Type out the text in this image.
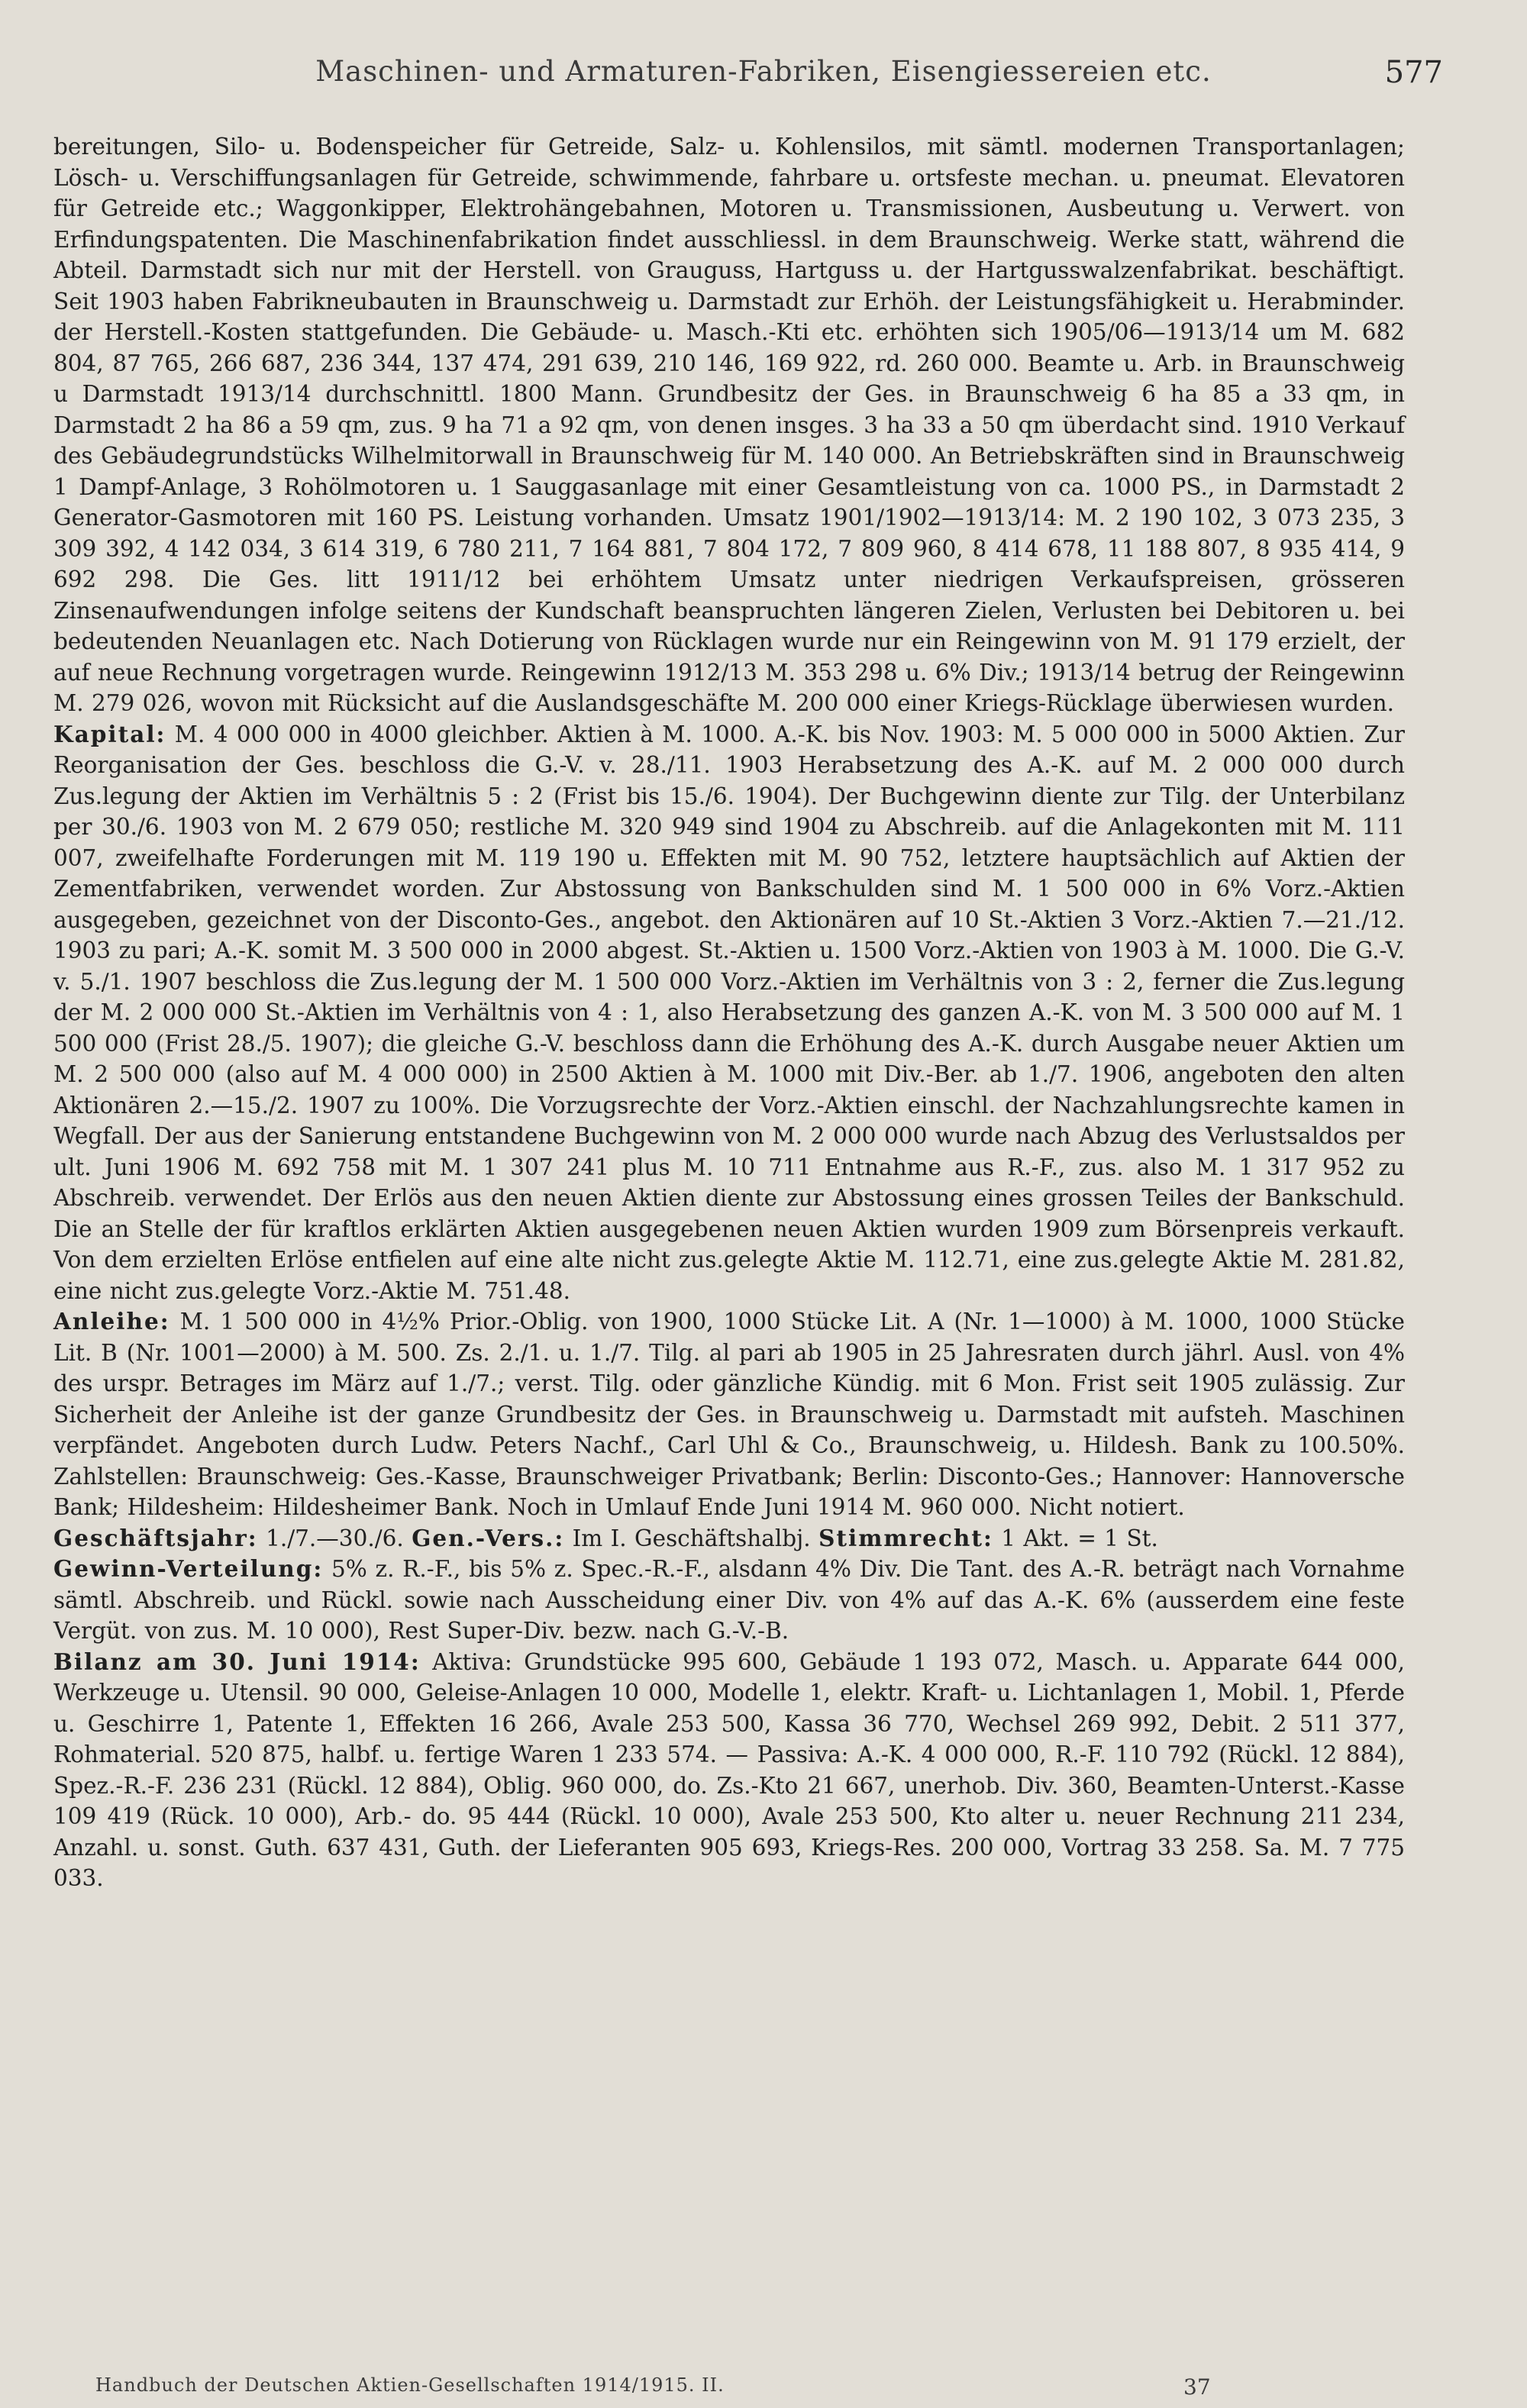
Maschinen- und Armaturen-Fabriken, Eisengiessereien etc.	577

bereitungen, Silo- u. Bodenspeicher für Getreide, Salz- u. Kohlensilos, mit sämtl. modernen Transportanlagen; Lösch- u. Verschiffungsanlagen für Getreide, schwimmende, fahrbare u. ortsfeste mechan. u. pneumat. Elevatoren für Getreide etc.; Waggonkipper, Elektrohängebahnen, Motoren u. Transmissionen, Ausbeutung u. Verwert. von Erfindungspatenten. Die Maschinenfabrikation findet ausschliessl. in dem Braunschweig. Werke statt, während die Abteil. Darmstadt sich nur mit der Herstell. von Grauguss, Hartguss u. der Hartgusswalzenfabrikat. beschäftigt. Seit 1903 haben Fabrikneubauten in Braunschweig u. Darmstadt zur Erhöh. der Leistungsfähigkeit u. Herabminder. der Herstell.-Kosten stattgefunden. Die Gebäude- u. Masch.-Kti etc. erhöhten sich 1905/06—1913/14 um M. 682 804, 87 765, 266 687, 236 344, 137 474, 291 639, 210 146, 169 922, rd. 260 000. Beamte u. Arb. in Braunschweig u Darmstadt 1913/14 durchschnittl. 1800 Mann. Grundbesitz der Ges. in Braunschweig 6 ha 85 a 33 qm, in Darmstadt 2 ha 86 a 59 qm, zus. 9 ha 71 a 92 qm, von denen insges. 3 ha 33 a 50 qm überdacht sind. 1910 Verkauf des Gebäudegrundstücks Wilhelmitorwall in Braunschweig für M. 140 000. An Betriebskräften sind in Braunschweig 1 Dampf-Anlage, 3 Rohölmotoren u. 1 Sauggasanlage mit einer Gesamtleistung von ca. 1000 PS., in Darmstadt 2 Generator-Gasmotoren mit 160 PS. Leistung vorhanden. Umsatz 1901/1902—1913/14: M. 2 190 102, 3 073 235, 3 309 392, 4 142 034, 3 614 319, 6 780 211, 7 164 881, 7 804 172, 7 809 960, 8 414 678, 11 188 807, 8 935 414, 9 692 298. Die Ges. litt 1911/12 bei erhöhtem Umsatz unter niedrigen Verkaufspreisen, grösseren Zinsenaufwendungen infolge seitens der Kundschaft beanspruchten längeren Zielen, Verlusten bei Debitoren u. bei bedeutenden Neuanlagen etc. Nach Dotierung von Rücklagen wurde nur ein Reingewinn von M. 91 179 erzielt, der auf neue Rechnung vorgetragen wurde. Reingewinn 1912/13 M. 353 298 u. 6% Div.; 1913/14 betrug der Reingewinn M. 279 026, wovon mit Rücksicht auf die Auslandsgeschäfte M. 200 000 einer Kriegs-Rücklage überwiesen wurden.

Kapital: M. 4 000 000 in 4000 gleichber. Aktien à M. 1000. A.-K. bis Nov. 1903: M. 5 000 000 in 5000 Aktien. Zur Reorganisation der Ges. beschloss die G.-V. v. 28./11. 1903 Herabsetzung des A.-K. auf M. 2 000 000 durch Zus.legung der Aktien im Verhältnis 5 : 2 (Frist bis 15./6. 1904). Der Buchgewinn diente zur Tilg. der Unterbilanz per 30./6. 1903 von M. 2 679 050; restliche M. 320 949 sind 1904 zu Abschreib. auf die Anlagekonten mit M. 111 007, zweifelhafte Forderungen mit M. 119 190 u. Effekten mit M. 90 752, letztere hauptsächlich auf Aktien der Zementfabriken, verwendet worden. Zur Abstossung von Bankschulden sind M. 1 500 000 in 6% Vorz.-Aktien ausgegeben, gezeichnet von der Disconto-Ges., angebot. den Aktionären auf 10 St.-Aktien 3 Vorz.-Aktien 7.—21./12. 1903 zu pari; A.-K. somit M. 3 500 000 in 2000 abgest. St.-Aktien u. 1500 Vorz.-Aktien von 1903 à M. 1000. Die G.-V. v. 5./1. 1907 beschloss die Zus.legung der M. 1 500 000 Vorz.-Aktien im Verhältnis von 3 : 2, ferner die Zus.legung der M. 2 000 000 St.-Aktien im Verhältnis von 4 : 1, also Herabsetzung des ganzen A.-K. von M. 3 500 000 auf M. 1 500 000 (Frist 28./5. 1907); die gleiche G.-V. beschloss dann die Erhöhung des A.-K. durch Ausgabe neuer Aktien um M. 2 500 000 (also auf M. 4 000 000) in 2500 Aktien à M. 1000 mit Div.-Ber. ab 1./7. 1906, angeboten den alten Aktionären 2.—15./2. 1907 zu 100%. Die Vorzugsrechte der Vorz.-Aktien einschl. der Nachzahlungsrechte kamen in Wegfall. Der aus der Sanierung entstandene Buchgewinn von M. 2 000 000 wurde nach Abzug des Verlustsaldos per ult. Juni 1906 M. 692 758 mit M. 1 307 241 plus M. 10 711 Entnahme aus R.-F., zus. also M. 1 317 952 zu Abschreib. verwendet. Der Erlös aus den neuen Aktien diente zur Abstossung eines grossen Teiles der Bankschuld. Die an Stelle der für kraftlos erklärten Aktien ausgegebenen neuen Aktien wurden 1909 zum Börsenpreis verkauft. Von dem erzielten Erlöse entfielen auf eine alte nicht zus.gelegte Aktie M. 112.71, eine zus.gelegte Aktie M. 281.82, eine nicht zus.gelegte Vorz.-Aktie M. 751.48.

Anleihe: M. 1 500 000 in 4½% Prior.-Oblig. von 1900, 1000 Stücke Lit. A (Nr. 1—1000) à M. 1000, 1000 Stücke Lit. B (Nr. 1001—2000) à M. 500. Zs. 2./1. u. 1./7. Tilg. al pari ab 1905 in 25 Jahresraten durch jährl. Ausl. von 4% des urspr. Betrages im März auf 1./7.; verst. Tilg. oder gänzliche Kündig. mit 6 Mon. Frist seit 1905 zulässig. Zur Sicherheit der Anleihe ist der ganze Grundbesitz der Ges. in Braunschweig u. Darmstadt mit aufsteh. Maschinen verpfändet. Angeboten durch Ludw. Peters Nachf., Carl Uhl & Co., Braunschweig, u. Hildesh. Bank zu 100.50%. Zahlstellen: Braunschweig: Ges.-Kasse, Braunschweiger Privatbank; Berlin: Disconto-Ges.; Hannover: Hannoversche Bank; Hildesheim: Hildesheimer Bank. Noch in Umlauf Ende Juni 1914 M. 960 000. Nicht notiert.

Geschäftsjahr: 1./7.—30./6. Gen.-Vers.: Im I. Geschäftshalbj. Stimmrecht: 1 Akt. = 1 St.

Gewinn-Verteilung: 5% z. R.-F., bis 5% z. Spec.-R.-F., alsdann 4% Div. Die Tant. des A.-R. beträgt nach Vornahme sämtl. Abschreib. und Rückl. sowie nach Ausscheidung einer Div. von 4% auf das A.-K. 6% (ausserdem eine feste Vergüt. von zus. M. 10 000), Rest Super-Div. bezw. nach G.-V.-B.

Bilanz am 30. Juni 1914: Aktiva: Grundstücke 995 600, Gebäude 1 193 072, Masch. u. Apparate 644 000, Werkzeuge u. Utensil. 90 000, Geleise-Anlagen 10 000, Modelle 1, elektr. Kraft- u. Lichtanlagen 1, Mobil. 1, Pferde u. Geschirre 1, Patente 1, Effekten 16 266, Avale 253 500, Kassa 36 770, Wechsel 269 992, Debit. 2 511 377, Rohmaterial. 520 875, halbf. u. fertige Waren 1 233 574. — Passiva: A.-K. 4 000 000, R.-F. 110 792 (Rückl. 12 884), Spez.-R.-F. 236 231 (Rückl. 12 884), Oblig. 960 000, do. Zs.-Kto 21 667, unerhob. Div. 360, Beamten-Unterst.-Kasse 109 419 (Rück. 10 000), Arb.- do. 95 444 (Rückl. 10 000), Avale 253 500, Kto alter u. neuer Rechnung 211 234, Anzahl. u. sonst. Guth. 637 431, Guth. der Lieferanten 905 693, Kriegs-Res. 200 000, Vortrag 33 258. Sa. M. 7 775 033.

Handbuch der Deutschen Aktien-Gesellschaften 1914/1915. II.	37
